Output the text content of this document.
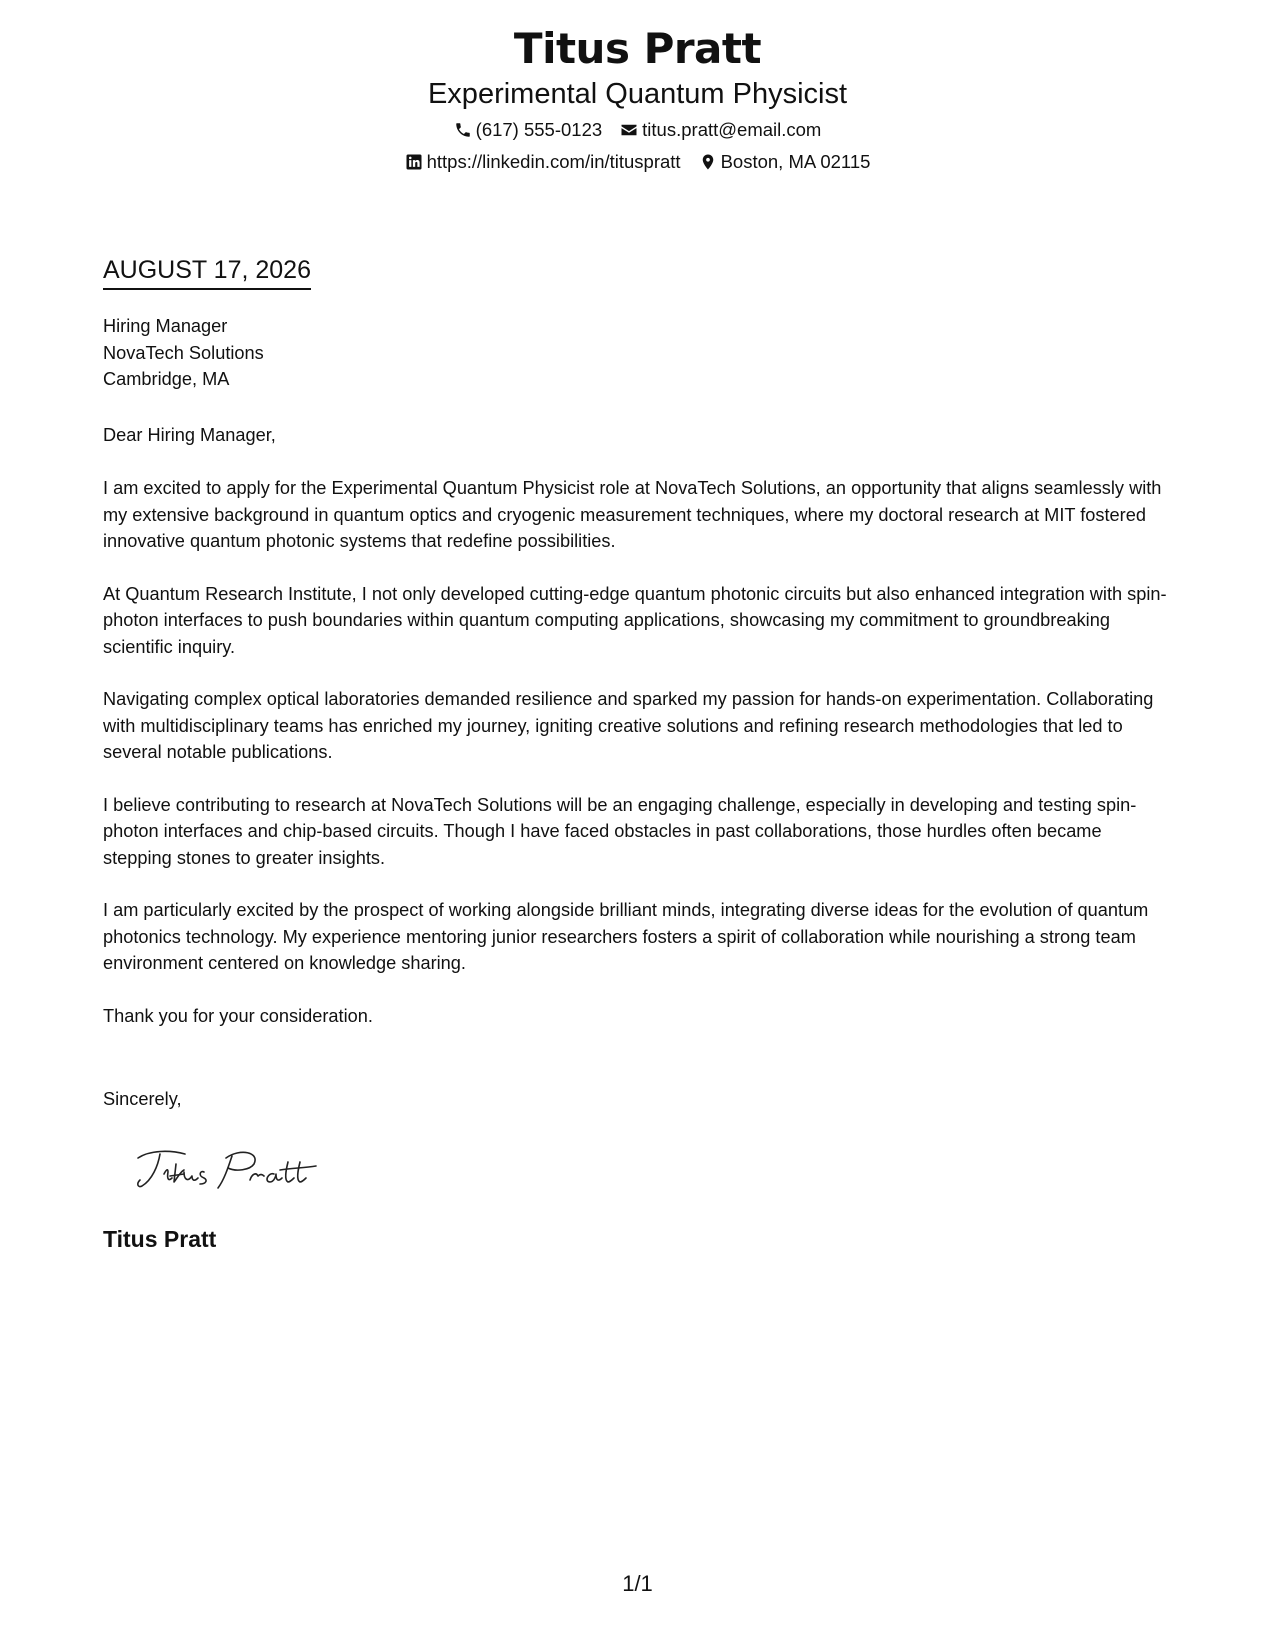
Titus Pratt
Experimental Quantum Physicist
(617) 555-0123 titus.pratt@email.com
https://linkedin.com/in/tituspratt Boston, MA 02115
AUGUST 17, 2026
Hiring Manager
NovaTech Solutions
Cambridge, MA
Dear Hiring Manager,

I am excited to apply for the Experimental Quantum Physicist role at NovaTech Solutions, an opportunity that aligns seamlessly with my extensive background in quantum optics and cryogenic measurement techniques, where my doctoral research at MIT fostered innovative quantum photonic systems that redefine possibilities.

At Quantum Research Institute, I not only developed cutting-edge quantum photonic circuits but also enhanced integration with spin-photon interfaces to push boundaries within quantum computing applications, showcasing my commitment to groundbreaking scientific inquiry.

Navigating complex optical laboratories demanded resilience and sparked my passion for hands-on experimentation. Collaborating with multidisciplinary teams has enriched my journey, igniting creative solutions and refining research methodologies that led to several notable publications.

I believe contributing to research at NovaTech Solutions will be an engaging challenge, especially in developing and testing spin-photon interfaces and chip-based circuits. Though I have faced obstacles in past collaborations, those hurdles often became stepping stones to greater insights.

I am particularly excited by the prospect of working alongside brilliant minds, integrating diverse ideas for the evolution of quantum photonics technology. My experience mentoring junior researchers fosters a spirit of collaboration while nourishing a strong team environment centered on knowledge sharing.

Thank you for your consideration.

Sincerely,
Titus Pratt
1/1
